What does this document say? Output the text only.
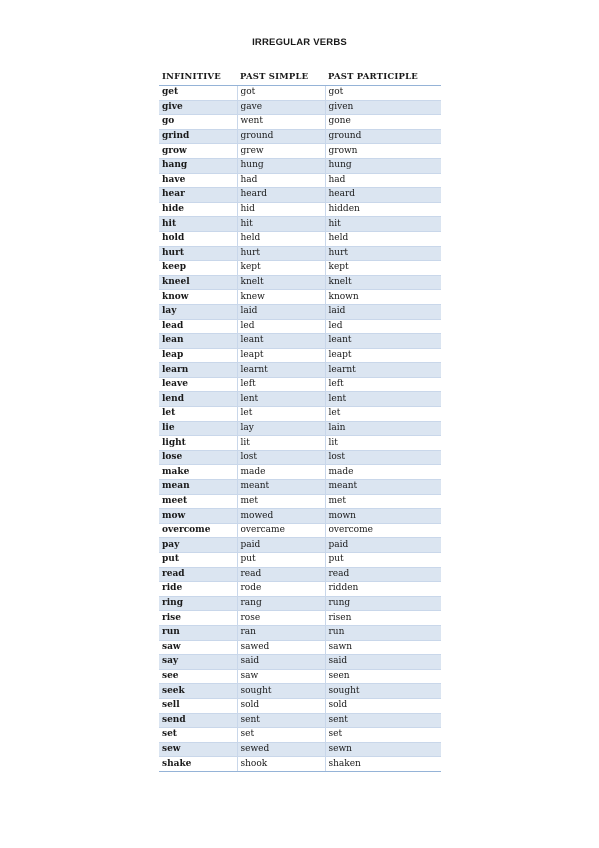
IRREGULAR VERBS
INFINITIVE	PAST SIMPLE	PAST PARTICIPLE
get	got	got
give	gave	given
go	went	gone
grind	ground	ground
grow	grew	grown
hang	hung	hung
have	had	had
hear	heard	heard
hide	hid	hidden
hit	hit	hit
hold	held	held
hurt	hurt	hurt
keep	kept	kept
kneel	knelt	knelt
know	knew	known
lay	laid	laid
lead	led	led
lean	leant	leant
leap	leapt	leapt
learn	learnt	learnt
leave	left	left
lend	lent	lent
let	let	let
lie	lay	lain
light	lit	lit
lose	lost	lost
make	made	made
mean	meant	meant
meet	met	met
mow	mowed	mown
overcome	overcame	overcome
pay	paid	paid
put	put	put
read	read	read
ride	rode	ridden
ring	rang	rung
rise	rose	risen
run	ran	run
saw	sawed	sawn
say	said	said
see	saw	seen
seek	sought	sought
sell	sold	sold
send	sent	sent
set	set	set
sew	sewed	sewn
shake	shook	shaken
